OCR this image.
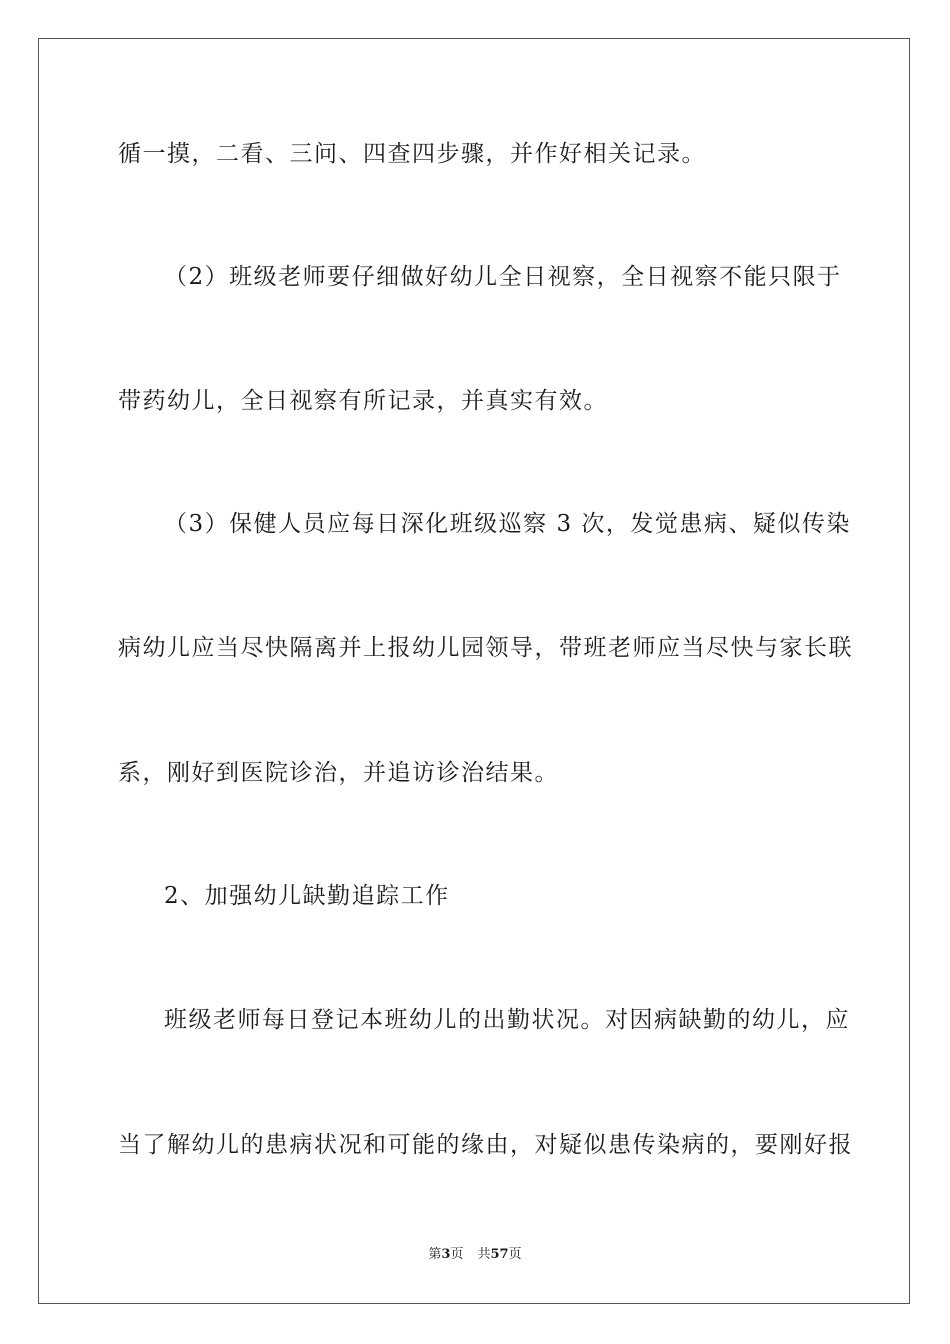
循一摸，二看、三问、四查四步骤，并作好相关记录。
（2）班级老师要仔细做好幼儿全日视察，全日视察不能只限于
带药幼儿，全日视察有所记录，并真实有效。
（3）保健人员应每日深化班级巡察 3 次，发觉患病、疑似传染
病幼儿应当尽快隔离并上报幼儿园领导，带班老师应当尽快与家长联
系，刚好到医院诊治，并追访诊治结果。
2、加强幼儿缺勤追踪工作
班级老师每日登记本班幼儿的出勤状况。对因病缺勤的幼儿，应
当了解幼儿的患病状况和可能的缘由，对疑似患传染病的，要刚好报
第3页 共57页
